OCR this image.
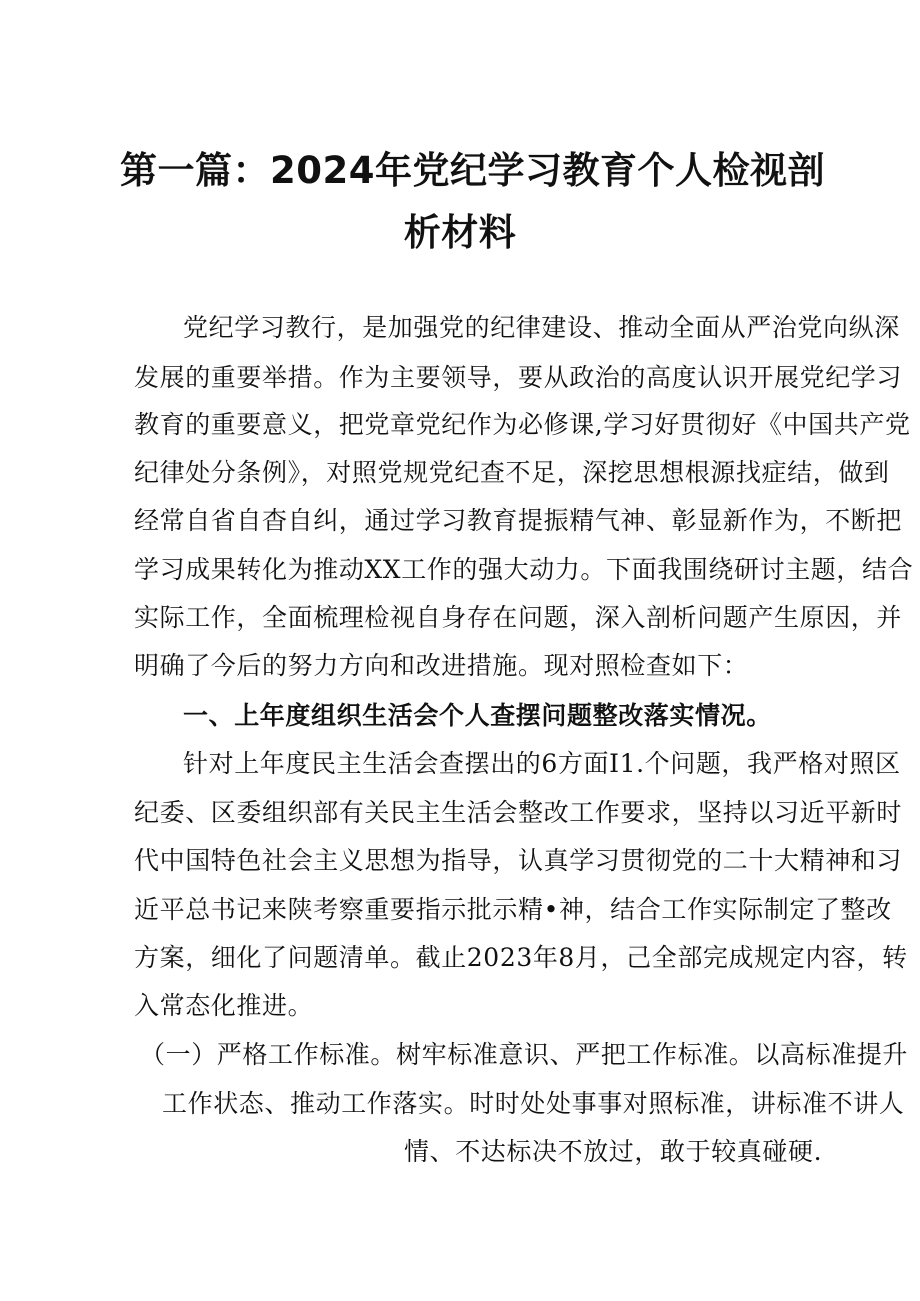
第一篇：2024年党纪学习教育个人检视剖
析材料
党纪学习教行，是加强党的纪律建设、推动全面从严治党向纵深
发展的重要举措。作为主要领导，要从政治的高度认识开展党纪学习
教育的重要意义，把党章党纪作为必修课,学习好贯彻好《中国共产党
纪律处分条例》，对照党规党纪查不足，深挖思想根源找症结，做到
经常自省自杳自纠，通过学习教育提振精气神、彰显新作为，不断把
学习成果转化为推动XX工作的强大动力。下面我围绕研讨主题，结合
实际工作，全面梳理检视自身存在问题，深入剖析问题产生原因，并
明确了今后的努力方向和改进措施。现对照检查如下：
一、上年度组织生活会个人查摆问题整改落实情况。
针对上年度民主生活会查摆出的6方面I1.个问题，我严格对照区
纪委、区委组织部有关民主生活会整改工作要求，坚持以习近平新时
代中国特色社会主义思想为指导，认真学习贯彻党的二十大精神和习
近平总书记来陕考察重要指示批示精•神，结合工作实际制定了整改
方案，细化了问题清单。截止2023年8月，己全部完成规定内容，转
入常态化推进。
（一）严格工作标准。树牢标准意识、严把工作标准。以高标准提升
工作状态、推动工作落实。时时处处事事对照标准，讲标准不讲人
情、不达标决不放过，敢于较真碰硬.
